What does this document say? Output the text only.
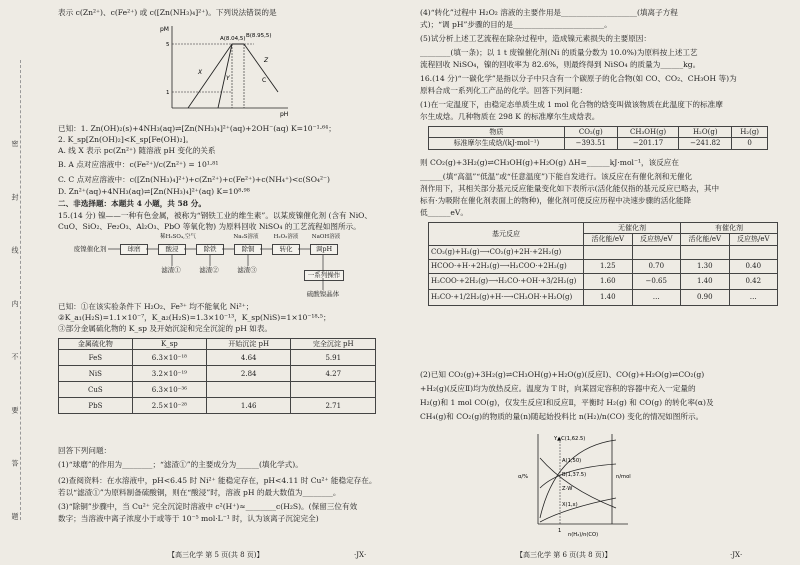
密 封 线 内 不 要 答 题
表示 c(Zn²⁺)、c(Fe²⁺) 或 c([Zn(NH₃)₄]²⁺)。下列说法错误的是
pM
pH
5
1
A(8.04,5) B(8.95,5)
X
Y
Z
C
已知：1. Zn(OH)₂(s)+4NH₃(aq)⇌[Zn(NH₃)₄]²⁺(aq)+2OH⁻(aq) K=10⁻¹·⁶⁴；
2. K_sp[Zn(OH)₂]<K_sp[Fe(OH)₂]。
A. 线 X 表示 pc(Zn²⁺) 随溶液 pH 变化的关系
B. A 点对应溶液中：c(Fe²⁺)/c(Zn²⁺) = 10¹·⁸¹
C. C 点对应溶液中：c([Zn(NH₃)₄]²⁺)+c(Zn²⁺)+c(Fe²⁺)+c(NH₄⁺)<c(SO₄²⁻)
D. Zn²⁺(aq)+4NH₃(aq)⇌[Zn(NH₃)₄]²⁺(aq) K=10⁸·⁹⁸
二、非选择题：本题共 4 小题，共 58 分。
15.(14 分) 镍——一种有色金属，被称为“钢铁工业的维生素”。以某废镍催化剂 (含有 NiO、
CuO、SiO₂、Fe₂O₃、Al₂O₃、PbO 等氧化物) 为原料回收 NiSO₄ 的工艺流程如图所示。
废镍催化剂	球磨	酸浸	除铁	除铜	转化	调pH
稀H₂SO₄,空气	Na₂S溶液	H₂O₂溶液	NaOH溶液
滤渣①	滤渣②	滤渣③
一系列操作
硫酸镍晶体
已知：①在该实验条件下 H₂O₂、Fe³⁺ 均不能氧化 Ni²⁺；
②K_a₁(H₂S)=1.1×10⁻⁷，K_a₂(H₂S)=1.3×10⁻¹³，K_sp(NiS)=1×10⁻¹⁸·⁵；
③部分金属硫化物的 K_sp 及开始沉淀和完全沉淀的 pH 如表。
金属硫化物	K_sp	开始沉淀 pH	完全沉淀 pH
FeS	6.3×10⁻¹⁸	4.64	5.91
NiS	3.2×10⁻¹⁹	2.84	4.27
CuS	6.3×10⁻³⁶		
PbS	2.5×10⁻²⁸	1.46	2.71
回答下列问题：
(1)“球磨”的作用为________；“滤渣①”的主要成分为______(填化学式)。
(2)查阅资料：在水溶液中，pH<6.45 时 Ni²⁺ 能稳定存在，pH<4.11 时 Cu²⁺ 能稳定存在。
若以“滤渣①”为原料制备硫酸铜，则在“酸浸”时，溶液 pH 的最大数值为________。
(3)“除铜”步骤中，当 Cu²⁺ 完全沉淀时溶液中 c²(H⁺)≈________c(H₂S)。(保留三位有效
数字；当溶液中离子浓度小于或等于 10⁻⁵ mol·L⁻¹ 时，认为该离子沉淀完全)
【高三化学 第 5 页(共 8 页)】	·JX·
(4)“转化”过程中 H₂O₂ 溶液的主要作用是____________________(填离子方程
式)；“调 pH”步骤的目的是________________________。
(5)试分析上述工艺流程在除杂过程中，造成镍元素损失的主要原因：
________(填一条)；以 1 t 废镍催化剂(Ni 的质量分数为 10.0%)为原料按上述工艺
流程回收 NiSO₄，镍的回收率为 82.6%，则最终得到 NiSO₄ 的质量为______kg。
16.(14 分)“一碳化学”是指以分子中只含有一个碳原子的化合物(如 CO、CO₂、CH₃OH 等)为
原料合成一系列化工产品的化学。回答下列问题：
(1)在一定温度下，由稳定态单质生成 1 mol 化合物的焓变叫做该物质在此温度下的标准摩
尔生成焓。几种物质在 298 K 的标准摩尔生成焓表。
物质	CO₂(g)	CH₃OH(g)	H₂O(g)	H₂(g)
标准摩尔生成焓/(kJ·mol⁻¹)	−393.51	−201.17	−241.82	0
则 CO₂(g)+3H₂(g)⇌CH₃OH(g)+H₂O(g) ΔH=______kJ·mol⁻¹，该反应在
______(填“高温”“低温”或“任意温度”)下能自发进行。该反应在有催化剂和无催化
剂作用下，其相关部分基元反应能量变化如下表所示(活化能仅指的基元反应已略去，其中
标有·为吸附在催化剂表面上的物种)，催化剂可使反应历程中决速步骤的活化能降
低______eV。
基元反应	无催化剂		有催化剂	
	活化能/eV	反应热/eV	活化能/eV	反应热/eV
CO₂(g)+H₂(g)⟶CO₂(g)+2H·+2H₂(g)				
HCOO·+H·+2H₂(g)⟶H₂COO·+2H₂(g)	1.25	0.70	1.30	0.40
H₂COO·+2H₂(g)⟶H₂CO·+OH·+3/2H₂(g)	1.60	−0.65	1.40	0.42
H₂CO·+1/2H₂(g)+H·⟶CH₃OH·+H₂O(g)	1.40	…	0.90	…
(2)已知 CO₂(g)+3H₂(g)⇌CH₃OH(g)+H₂O(g)(反应Ⅰ)、CO(g)+H₂O(g)⇌CO₂(g)
+H₂(g)(反应Ⅱ)均为放热反应。温度为 T 时，向某固定容积的容器中充入一定量的
H₂(g)和 1 mol CO(g)，仅发生反应Ⅰ和反应Ⅱ，平衡时 H₂(g) 和 CO(g) 的转化率(α)及
CH₄(g)和 CO₂(g)的物质的量(n)随起始投料比 n(H₂)/n(CO) 变化的情况如图所示。
Y▲C(1,62.5)
A(1,50)
B(1,37.5)
Z·W
X(1,x)
α/%	n/mol
1
n(H₂)/n(CO)
【高三化学 第 6 页(共 8 页)】	·JX·
